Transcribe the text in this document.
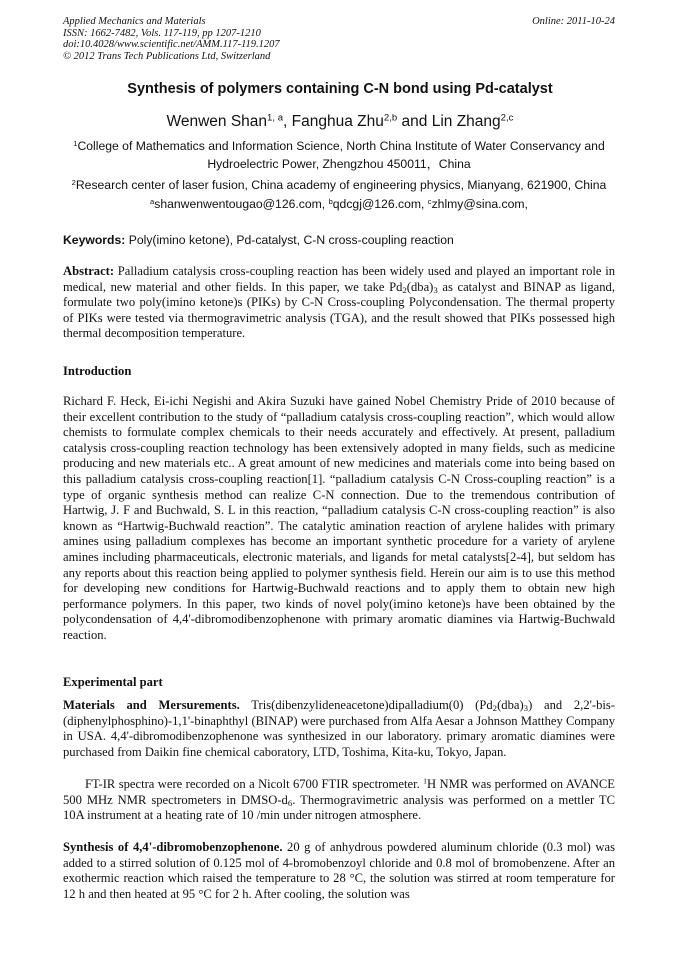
Applied Mechanics and Materials
ISSN: 1662-7482, Vols. 117-119, pp 1207-1210
doi:10.4028/www.scientific.net/AMM.117-119.1207
© 2012 Trans Tech Publications Ltd, Switzerland
Online: 2011-10-24
Synthesis of polymers containing C-N bond using Pd-catalyst
Wenwen Shan$^{1, a}$, Fanghua Zhu$^{2,b}$ and Lin Zhang$^{2,c}$
$^1$College of Mathematics and Information Science, North China Institute of Water Conservancy and
Hydroelectric Power, Zhengzhou 450011，China
$^2$Research center of laser fusion, China academy of engineering physics, Mianyang, 621900, China
$^a$shanwenwentougao@126.com, $^b$qdcgj@126.com, $^c$zhlmy@sina.com,
Keywords: Poly(imino ketone), Pd-catalyst, C-N cross-coupling reaction
Abstract: Palladium catalysis cross-coupling reaction has been widely used and played an important role in medical, new material and other fields. In this paper, we take $Pd_2(dba)_3$ as catalyst and BINAP as ligand, formulate two poly(imino ketone)s (PIKs) by C-N Cross-coupling Polycondensation. The thermal property of PIKs were tested via thermogravimetric analysis (TGA), and the result showed that PIKs possessed high thermal decomposition temperature.
Introduction
Richard F. Heck, Ei-ichi Negishi and Akira Suzuki have gained Nobel Chemistry Pride of 2010 because of their excellent contribution to the study of “palladium catalysis cross-coupling reaction”, which would allow chemists to formulate complex chemicals to their needs accurately and effectively. At present, palladium catalysis cross-coupling reaction technology has been extensively adopted in many fields, such as medicine producing and new materials etc.. A great amount of new medicines and materials come into being based on this palladium catalysis cross-coupling reaction[1]. “palladium catalysis C-N Cross-coupling reaction” is a type of organic synthesis method can realize C-N connection. Due to the tremendous contribution of Hartwig, J. F and Buchwald, S. L in this reaction, “palladium catalysis C-N cross-coupling reaction” is also known as “Hartwig-Buchwald reaction”. The catalytic amination reaction of arylene halides with primary amines using palladium complexes has become an important synthetic procedure for a variety of arylene amines including pharmaceuticals, electronic materials, and ligands for metal catalysts[2-4], but seldom has any reports about this reaction being applied to polymer synthesis field. Herein our aim is to use this method for developing new conditions for Hartwig-Buchwald reactions and to apply them to obtain new high performance polymers. In this paper, two kinds of novel poly(imino ketone)s have been obtained by the polycondensation of 4,4'-dibromodibenzophenone with primary aromatic diamines via Hartwig-Buchwald reaction.
Experimental part
Materials and Mersurements. Tris(dibenzylideneacetone)dipalladium(0) $(Pd_2(dba)_3)$ and 2,2'-bis-(diphenylphosphino)-1,1'-binaphthyl (BINAP) were purchased from Alfa Aesar a Johnson Matthey Company in USA. 4,4'-dibromodibenzophenone was synthesized in our laboratory. primary aromatic diamines were purchased from Daikin fine chemical caboratory, LTD, Toshima, Kita-ku, Tokyo, Japan.
FT-IR spectra were recorded on a Nicolt 6700 FTIR spectrometer. $^1$H NMR was performed on AVANCE 500 MHz NMR spectrometers in DMSO-$d_6$. Thermogravimetric analysis was performed on a mettler TC 10A instrument at a heating rate of 10 /min under nitrogen atmosphere.
Synthesis of 4,4'-dibromobenzophenone. 20 g of anhydrous powdered aluminum chloride (0.3 mol) was added to a stirred solution of 0.125 mol of 4-bromobenzoyl chloride and 0.8 mol of bromobenzene. After an exothermic reaction which raised the temperature to 28 °C, the solution was stirred at room temperature for 12 h and then heated at 95 °C for 2 h. After cooling, the solution was
